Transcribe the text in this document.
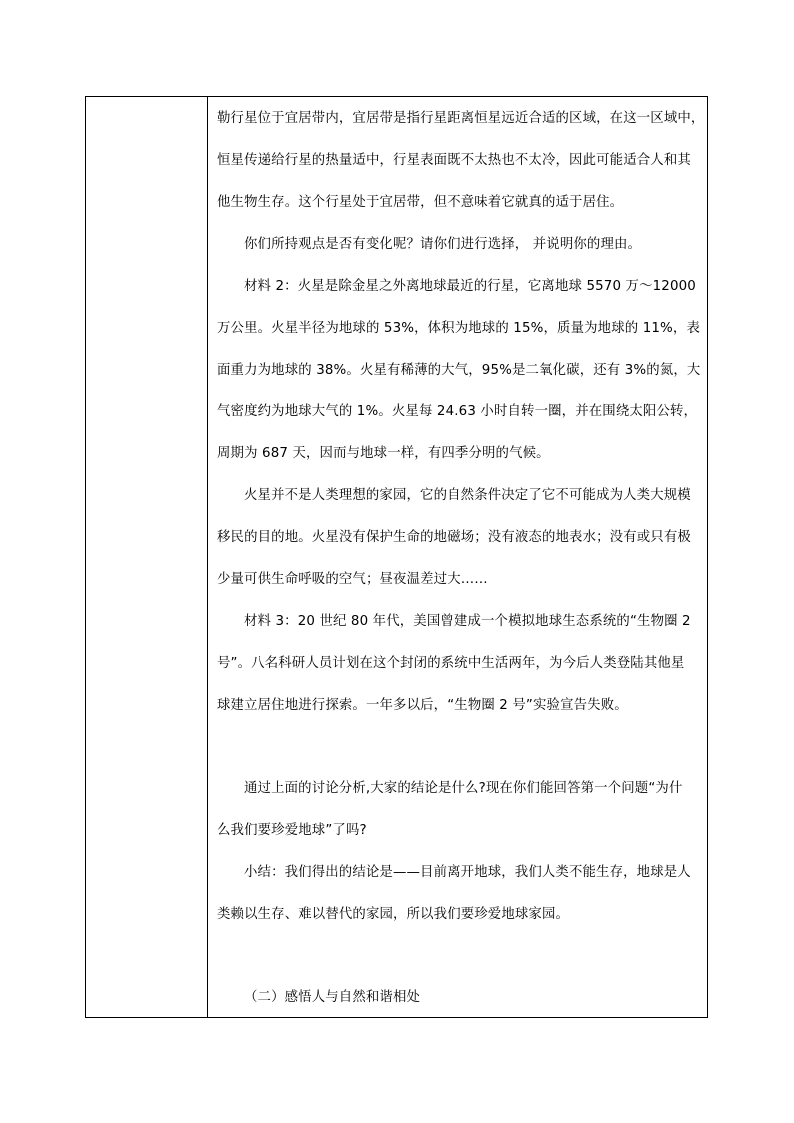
勒行星位于宜居带内，宜居带是指行星距离恒星远近合适的区域，在这一区域中，
恒星传递给行星的热量适中，行星表面既不太热也不太冷，因此可能适合人和其
他生物生存。这个行星处于宜居带，但不意味着它就真的适于居住。
你们所持观点是否有变化呢？请你们进行选择， 并说明你的理由。
材料 2：火星是除金星之外离地球最近的行星，它离地球 5570 万～12000
万公里。火星半径为地球的 53%，体积为地球的 15%，质量为地球的 11%，表
面重力为地球的 38%。火星有稀薄的大气，95%是二氧化碳，还有 3%的氮，大
气密度约为地球大气的 1%。火星每 24.63 小时自转一圈，并在围绕太阳公转，
周期为 687 天，因而与地球一样，有四季分明的气候。
火星并不是人类理想的家园，它的自然条件决定了它不可能成为人类大规模
移民的目的地。火星没有保护生命的地磁场；没有液态的地表水；没有或只有极
少量可供生命呼吸的空气；昼夜温差过大……
材料 3：20 世纪 80 年代，美国曾建成一个模拟地球生态系统的“生物圈 2
号”。八名科研人员计划在这个封闭的系统中生活两年，为今后人类登陆其他星
球建立居住地进行探索。一年多以后，“生物圈 2 号”实验宣告失败。
通过上面的讨论分析,大家的结论是什么?现在你们能回答第一个问题“为什
么我们要珍爱地球”了吗?
小结：我们得出的结论是——目前离开地球，我们人类不能生存，地球是人
类赖以生存、难以替代的家园，所以我们要珍爱地球家园。
（二）感悟人与自然和谐相处
